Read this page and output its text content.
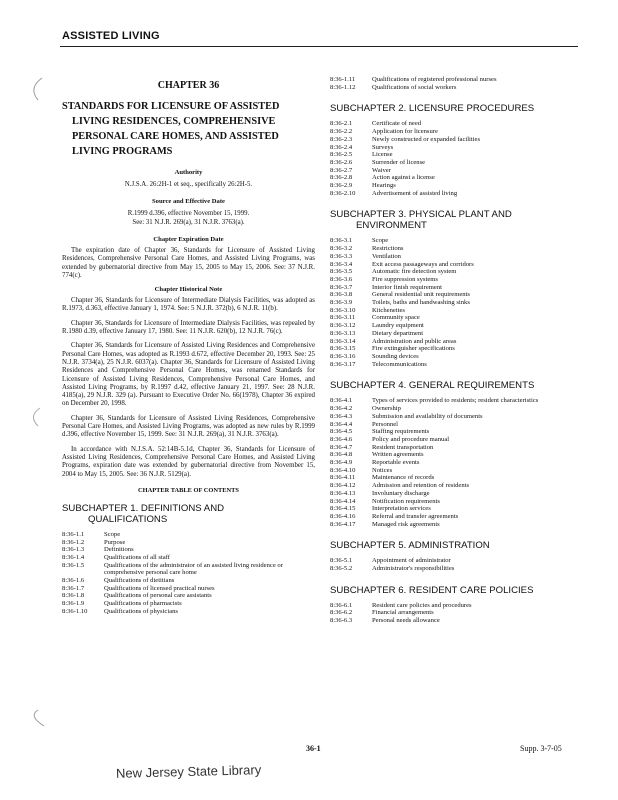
ASSISTED LIVING
CHAPTER 36
STANDARDS FOR LICENSURE OF ASSISTED LIVING RESIDENCES, COMPREHENSIVE PERSONAL CARE HOMES, AND ASSISTED LIVING PROGRAMS
Authority
N.J.S.A. 26:2H-1 et seq., specifically 26:2H-5.
Source and Effective Date
R.1999 d.396, effective November 15, 1999.
See: 31 N.J.R. 269(a), 31 N.J.R. 3763(a).
Chapter Expiration Date

The expiration date of Chapter 36, Standards for Licensure of Assisted Living Residences, Comprehensive Personal Care Homes, and Assisted Living Programs, was extended by gubernatorial directive from May 15, 2005 to May 15, 2006. See: 37 N.J.R. 774(c).

Chapter Historical Note

Chapter 36, Standards for Licensure of Intermediate Dialysis Facilities, was adopted as R.1973, d.363, effective January 1, 1974. See: 5 N.J.R. 372(b), 6 N.J.R. 11(b).

Chapter 36, Standards for Licensure of Intermediate Dialysis Facilities, was repealed by R.1980 d.39, effective January 17, 1980. See: 11 N.J.R. 620(b), 12 N.J.R. 76(c).

Chapter 36, Standards for Licensure of Assisted Living Residences and Comprehensive Personal Care Homes, was adopted as R.1993 d.672, effective December 20, 1993. See: 25 N.J.R. 3734(a), 25 N.J.R. 6037(a). Chapter 36, Standards for Licensure of Assisted Living Residences and Comprehensive Personal Care Homes, was renamed Standards for Licensure of Assisted Living Residences, Comprehensive Personal Care Homes, and Assisted Living Programs, by R.1997 d.42, effective January 21, 1997. See: 28 N.J.R. 4185(a), 29 N.J.R. 329 (a). Pursuant to Executive Order No. 66(1978), Chapter 36 expired on December 20, 1998.

Chapter 36, Standards for Licensure of Assisted Living Residences, Comprehensive Personal Care Homes, and Assisted Living Programs, was adopted as new rules by R.1999 d.396, effective November 15, 1999. See: 31 N.J.R. 269(a), 31 N.J.R. 3763(a).

In accordance with N.J.S.A. 52:14B-5.1d, Chapter 36, Standards for Licensure of Assisted Living Residences, Comprehensive Personal Care Homes, and Assisted Living Programs, expiration date was extended by gubernatorial directive from November 15, 2004 to May 15, 2005. See: 36 N.J.R. 5129(a).

CHAPTER TABLE OF CONTENTS
SUBCHAPTER 1. DEFINITIONS AND
QUALIFICATIONS
8:36-1.1	Scope
8:36-1.2	Purpose
8:36-1.3	Definitions
8:36-1.4	Qualifications of all staff
8:36-1.5	Qualifications of the administrator of an assisted living residence or comprehensive personal care home
8:36-1.6	Qualifications of dietitians
8:36-1.7	Qualifications of licensed practical nurses
8:36-1.8	Qualifications of personal care assistants
8:36-1.9	Qualifications of pharmacists
8:36-1.10	Qualifications of physicians
8:36-1.11	Qualifications of registered professional nurses
8:36-1.12	Qualifications of social workers
SUBCHAPTER 2. LICENSURE PROCEDURES
8:36-2.1	Certificate of need
8:36-2.2	Application for licensure
8:36-2.3	Newly constructed or expanded facilities
8:36-2.4	Surveys
8:36-2.5	License
8:36-2.6	Surrender of license
8:36-2.7	Waiver
8:36-2.8	Action against a license
8:36-2.9	Hearings
8:36-2.10	Advertisement of assisted living
SUBCHAPTER 3. PHYSICAL PLANT AND
ENVIRONMENT
8:36-3.1	Scope
8:36-3.2	Restrictions
8:36-3.3	Ventilation
8:36-3.4	Exit access passageways and corridors
8:36-3.5	Automatic fire detection system
8:36-3.6	Fire suppression systems
8:36-3.7	Interior finish requirement
8:36-3.8	General residential unit requirements
8:36-3.9	Toilets, baths and handwashing sinks
8:36-3.10	Kitchenettes
8:36-3.11	Community space
8:36-3.12	Laundry equipment
8:36-3.13	Dietary department
8:36-3.14	Administration and public areas
8:36-3.15	Fire extinguisher specifications
8:36-3.16	Sounding devices
8:36-3.17	Telecommunications
SUBCHAPTER 4. GENERAL REQUIREMENTS
8:36-4.1	Types of services provided to residents; resident characteristics
8:36-4.2	Ownership
8:36-4.3	Submission and availability of documents
8:36-4.4	Personnel
8:36-4.5	Staffing requirements
8:36-4.6	Policy and procedure manual
8:36-4.7	Resident transportation
8:36-4.8	Written agreements
8:36-4.9	Reportable events
8:36-4.10	Notices
8:36-4.11	Maintenance of records
8:36-4.12	Admission and retention of residents
8:36-4.13	Involuntary discharge
8:36-4.14	Notification requirements
8:36-4.15	Interpretation services
8:36-4.16	Referral and transfer agreements
8:36-4.17	Managed risk agreements
SUBCHAPTER 5. ADMINISTRATION
8:36-5.1	Appointment of administrator
8:36-5.2	Administrator's responsibilities
SUBCHAPTER 6. RESIDENT CARE POLICIES
8:36-6.1	Resident care policies and procedures
8:36-6.2	Financial arrangements
8:36-6.3	Personal needs allowance
36-1	Supp. 3-7-05
New Jersey State Library
